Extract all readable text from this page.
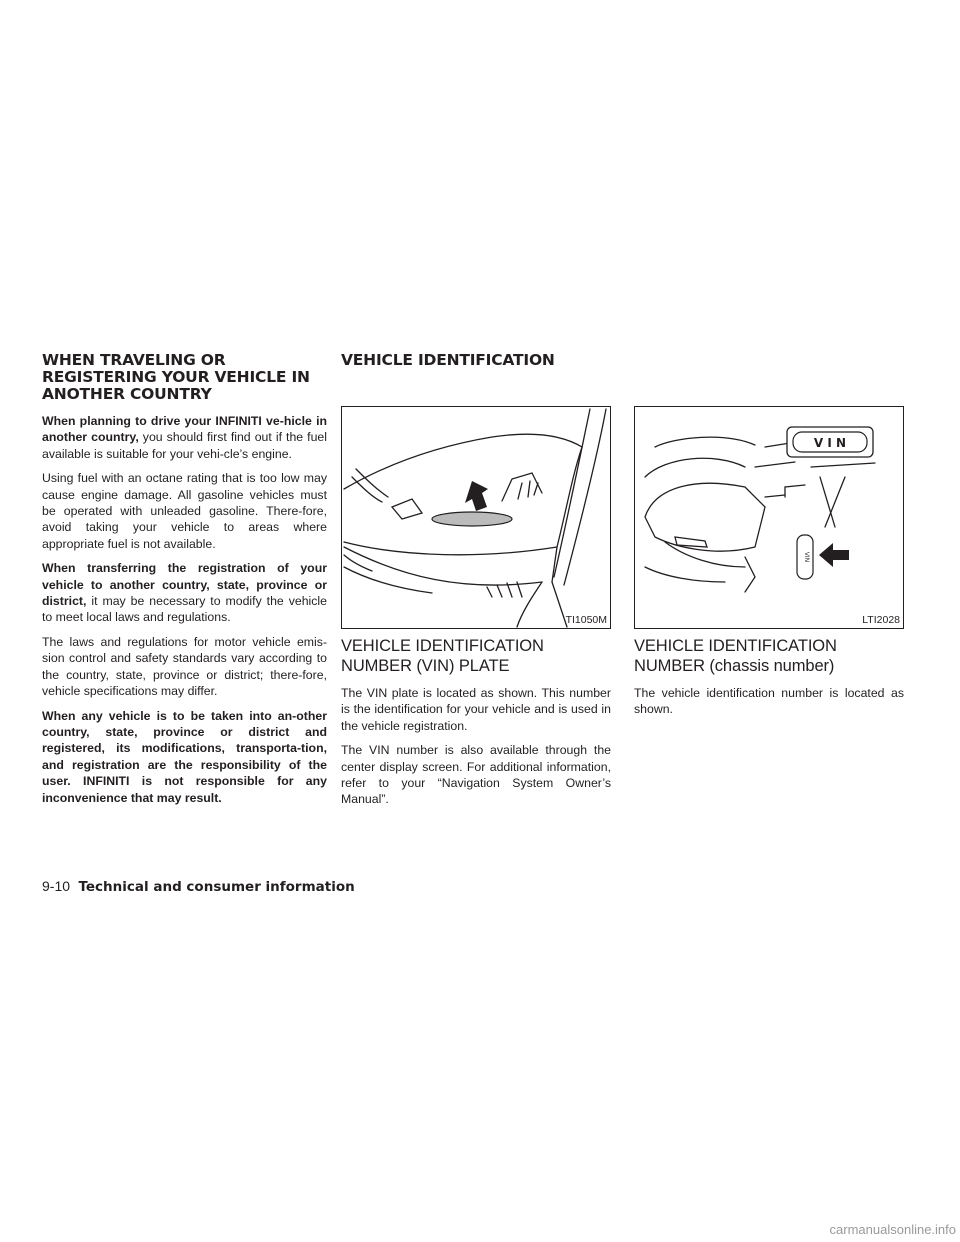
WHEN TRAVELING OR REGISTERING YOUR VEHICLE IN ANOTHER COUNTRY

When planning to drive your INFINITI ve-hicle in another country, you should first find out if the fuel available is suitable for your vehi-cle’s engine.

Using fuel with an octane rating that is too low may cause engine damage. All gasoline vehicles must be operated with unleaded gasoline. There-fore, avoid taking your vehicle to areas where appropriate fuel is not available.

When transferring the registration of your vehicle to another country, state, province or district, it may be necessary to modify the vehicle to meet local laws and regulations.

The laws and regulations for motor vehicle emis-sion control and safety standards vary according to the country, state, province or district; there-fore, vehicle specifications may differ.

When any vehicle is to be taken into an-other country, state, province or district and registered, its modifications, transporta-tion, and registration are the responsibility of the user. INFINITI is not responsible for any inconvenience that may result.

VEHICLE IDENTIFICATION
TI1050M
V I N
VIN
LTI2028
VEHICLE IDENTIFICATION NUMBER (VIN) PLATE

The VIN plate is located as shown. This number is the identification for your vehicle and is used in the vehicle registration.

The VIN number is also available through the center display screen. For additional information, refer to your “Navigation System Owner’s Manual”.

VEHICLE IDENTIFICATION NUMBER (chassis number)

The vehicle identification number is located as shown.

9-10 Technical and consumer information
carmanualsonline.info
